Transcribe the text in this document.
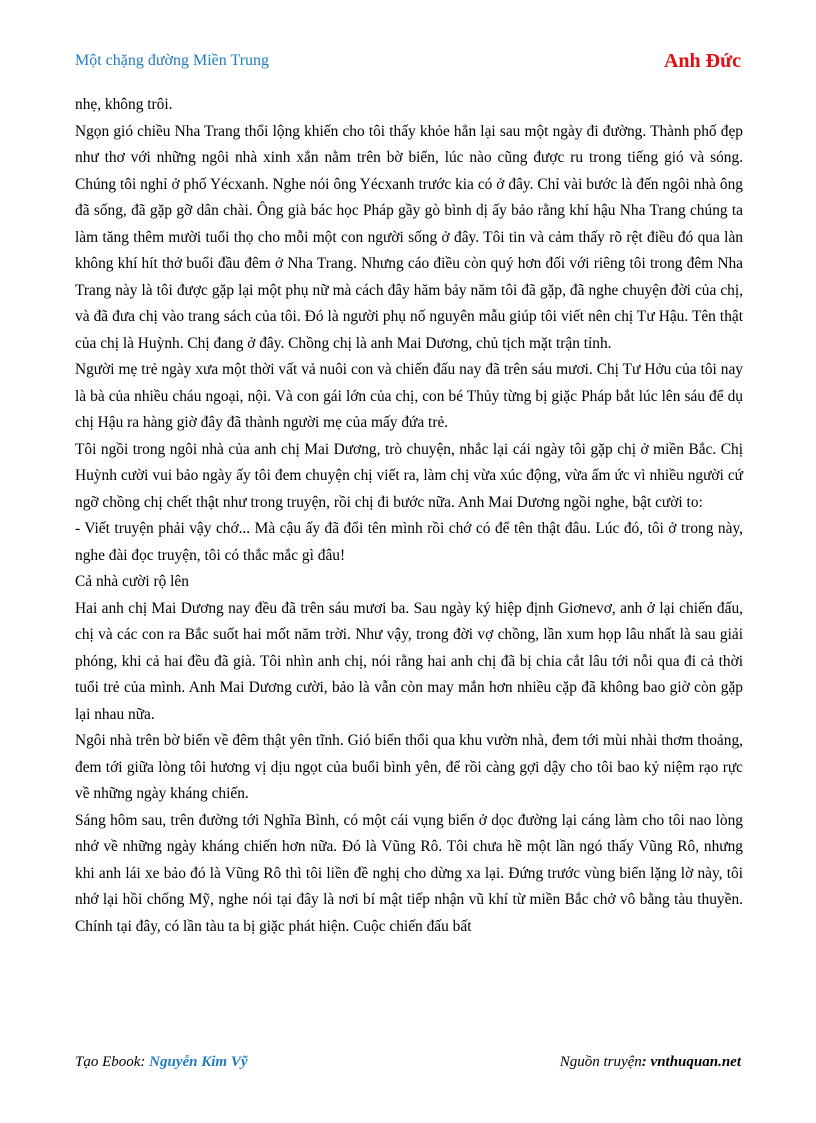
Một chặng đường Miền Trung	Anh Đức

nhẹ, không trôi.

Ngọn gió chiều Nha Trang thổi lộng khiến cho tôi thấy khỏe hẳn lại sau một ngày đi đường. Thành phố đẹp như thơ với những ngôi nhà xinh xắn nằm trên bờ biển, lúc nào cũng được ru trong tiếng gió và sóng. Chúng tôi nghỉ ở phố Yécxanh. Nghe nói ông Yécxanh trước kia có ở đây. Chỉ vài bước là đến ngôi nhà ông đã sống, đã gặp gỡ dân chài. Ông già bác học Pháp gầy gò bình dị ấy bảo rằng khí hậu Nha Trang chúng ta làm tăng thêm mười tuổi thọ cho mỗi một con người sống ở đây. Tôi tin và cảm thấy rõ rệt điều đó qua làn không khí hít thở buổi đầu đêm ở Nha Trang. Nhưng cáo điều còn quý hơn đối với riêng tôi trong đêm Nha Trang này là tôi được gặp lại một phụ nữ mà cách đây hăm bảy năm tôi đã gặp, đã nghe chuyện đời của chị, và đã đưa chị vào trang sách của tôi. Đó là người phụ nố nguyên mẫu giúp tôi viết nên chị Tư Hậu. Tên thật của chị là Huỳnh. Chị đang ở đây. Chồng chị là anh Mai Dương, chủ tịch mặt trận tỉnh.

Người mẹ trẻ ngày xưa một thời vất vả nuôi con và chiến đấu nay đã trên sáu mươi. Chị Tư Hởu của tôi nay là bà của nhiều cháu ngoại, nội. Và con gái lớn của chị, con bé Thủy từng bị giặc Pháp bắt lúc lên sáu để dụ chị Hậu ra hàng giờ đây đã thành người mẹ của mấy đứa trẻ.

Tôi ngồi trong ngôi nhà của anh chị Mai Dương, trò chuyện, nhắc lại cái ngày tôi gặp chị ở miền Bắc. Chị Huỳnh cười vui bảo ngày ấy tôi đem chuyện chị viết ra, làm chị vừa xúc động, vừa ấm ức vì nhiều người cứ ngỡ chồng chị chết thật như trong truyện, rồi chị đi bước nữa. Anh Mai Dương ngồi nghe, bật cười to:

- Viết truyện phải vậy chớ... Mà cậu ấy đã đổi tên mình rồi chớ có để tên thật đâu. Lúc đó, tôi ở trong này, nghe đài đọc truyện, tôi có thắc mắc gì đâu!

Cả nhà cười rộ lên

Hai anh chị Mai Dương nay đều đã trên sáu mươi ba. Sau ngày ký hiệp định Giơnevơ, anh ở lại chiến đấu, chị và các con ra Bắc suốt hai mốt năm trời. Như vậy, trong đời vợ chồng, lần xum họp lâu nhất là sau giải phóng, khi cả hai đều đã già. Tôi nhìn anh chị, nói rằng hai anh chị đã bị chia cắt lâu tới nỗi qua đi cả thời tuổi trẻ của mình. Anh Mai Dương cười, bảo là vẫn còn may mắn hơn nhiều cặp đã không bao giờ còn gặp lại nhau nữa.

Ngôi nhà trên bờ biển về đêm thật yên tĩnh. Gió biển thổi qua khu vườn nhà, đem tới mùi nhài thơm thoảng, đem tới giữa lòng tôi hương vị dịu ngọt của buổi bình yên, để rồi càng gợi dậy cho tôi bao kỷ niệm rạo rực về những ngày kháng chiến.

Sáng hôm sau, trên đường tới Nghĩa Bình, có một cái vụng biển ở dọc đường lại cáng làm cho tôi nao lòng nhớ về những ngày kháng chiến hơn nữa. Đó là Vũng Rô. Tôi chưa hề một lần ngó thấy Vũng Rô, nhưng khi anh lái xe bảo đó là Vũng Rô thì tôi liền đề nghị cho dừng xa lại. Đứng trước vùng biển lặng lờ này, tôi nhớ lại hồi chống Mỹ, nghe nói tại đây là nơi bí mật tiếp nhận vũ khí từ miền Bắc chở vô bằng tàu thuyền. Chính tại đây, có lần tàu ta bị giặc phát hiện. Cuộc chiến đấu bất

Tạo Ebook: Nguyễn Kim Vỹ	Nguồn truyện: vnthuquan.net
